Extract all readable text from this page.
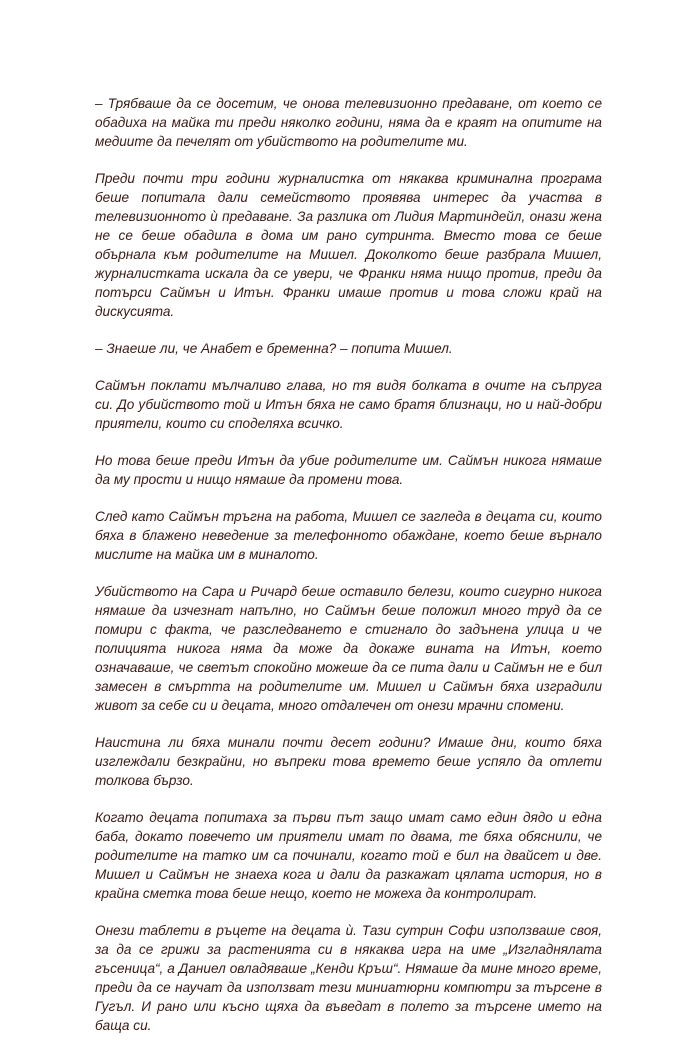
– Трябваше да се досетим, че онова телевизионно предаване, от което се обадиха на майка ти преди няколко години, няма да е краят на опитите на медиите да печелят от убийството на родителите ми.

Преди почти три години журналистка от някаква криминална програма беше попитала дали семейството проявява интерес да участва в телевизионното ѝ предаване. За разлика от Лидия Мартиндейл, онази жена не се беше обадила в дома им рано сутринта. Вместо това се беше обърнала към родителите на Мишел. Доколкото беше разбрала Мишел, журналистката искала да се увери, че Франки няма нищо против, преди да потърси Саймън и Итън. Франки имаше против и това сложи край на дискусията.

– Знаеше ли, че Анабет е бременна? – попита Мишел.

Саймън поклати мълчаливо глава, но тя видя болката в очите на съпруга си. До убийството той и Итън бяха не само братя близнаци, но и най-добри приятели, които си споделяха всичко.

Но това беше преди Итън да убие родителите им. Саймън никога нямаше да му прости и нищо нямаше да промени това.

След като Саймън тръгна на работа, Мишел се загледа в децата си, които бяха в блажено неведение за телефонното обаждане, което беше върнало мислите на майка им в миналото.

Убийството на Сара и Ричард беше оставило белези, които сигурно никога нямаше да изчезнат напълно, но Саймън беше положил много труд да се помири с факта, че разследването е стигнало до задънена улица и че полицията никога няма да може да докаже вината на Итън, което означаваше, че светът спокойно можеше да се пита дали и Саймън не е бил замесен в смъртта на родителите им. Мишел и Саймън бяха изградили живот за себе си и децата, много отдалечен от онези мрачни спомени.

Наистина ли бяха минали почти десет години? Имаше дни, които бяха изглеждали безкрайни, но въпреки това времето беше успяло да отлети толкова бързо.

Когато децата попитаха за първи път защо имат само един дядо и една баба, докато повечето им приятели имат по двама, те бяха обяснили, че родителите на татко им са починали, когато той е бил на двайсет и две. Мишел и Саймън не знаеха кога и дали да разкажат цялата история, но в крайна сметка това беше нещо, което не можеха да контролират.

Онези таблети в ръцете на децата ѝ. Тази сутрин Софи използваше своя, за да се грижи за растенията си в някаква игра на име „Изгладнялата гъсеница“, а Даниел овладяваше „Кенди Кръш“. Нямаше да мине много време, преди да се научат да използват тези миниатюрни компютри за търсене в Гугъл. И рано или късно щяха да въведат в полето за търсене името на баща си.
